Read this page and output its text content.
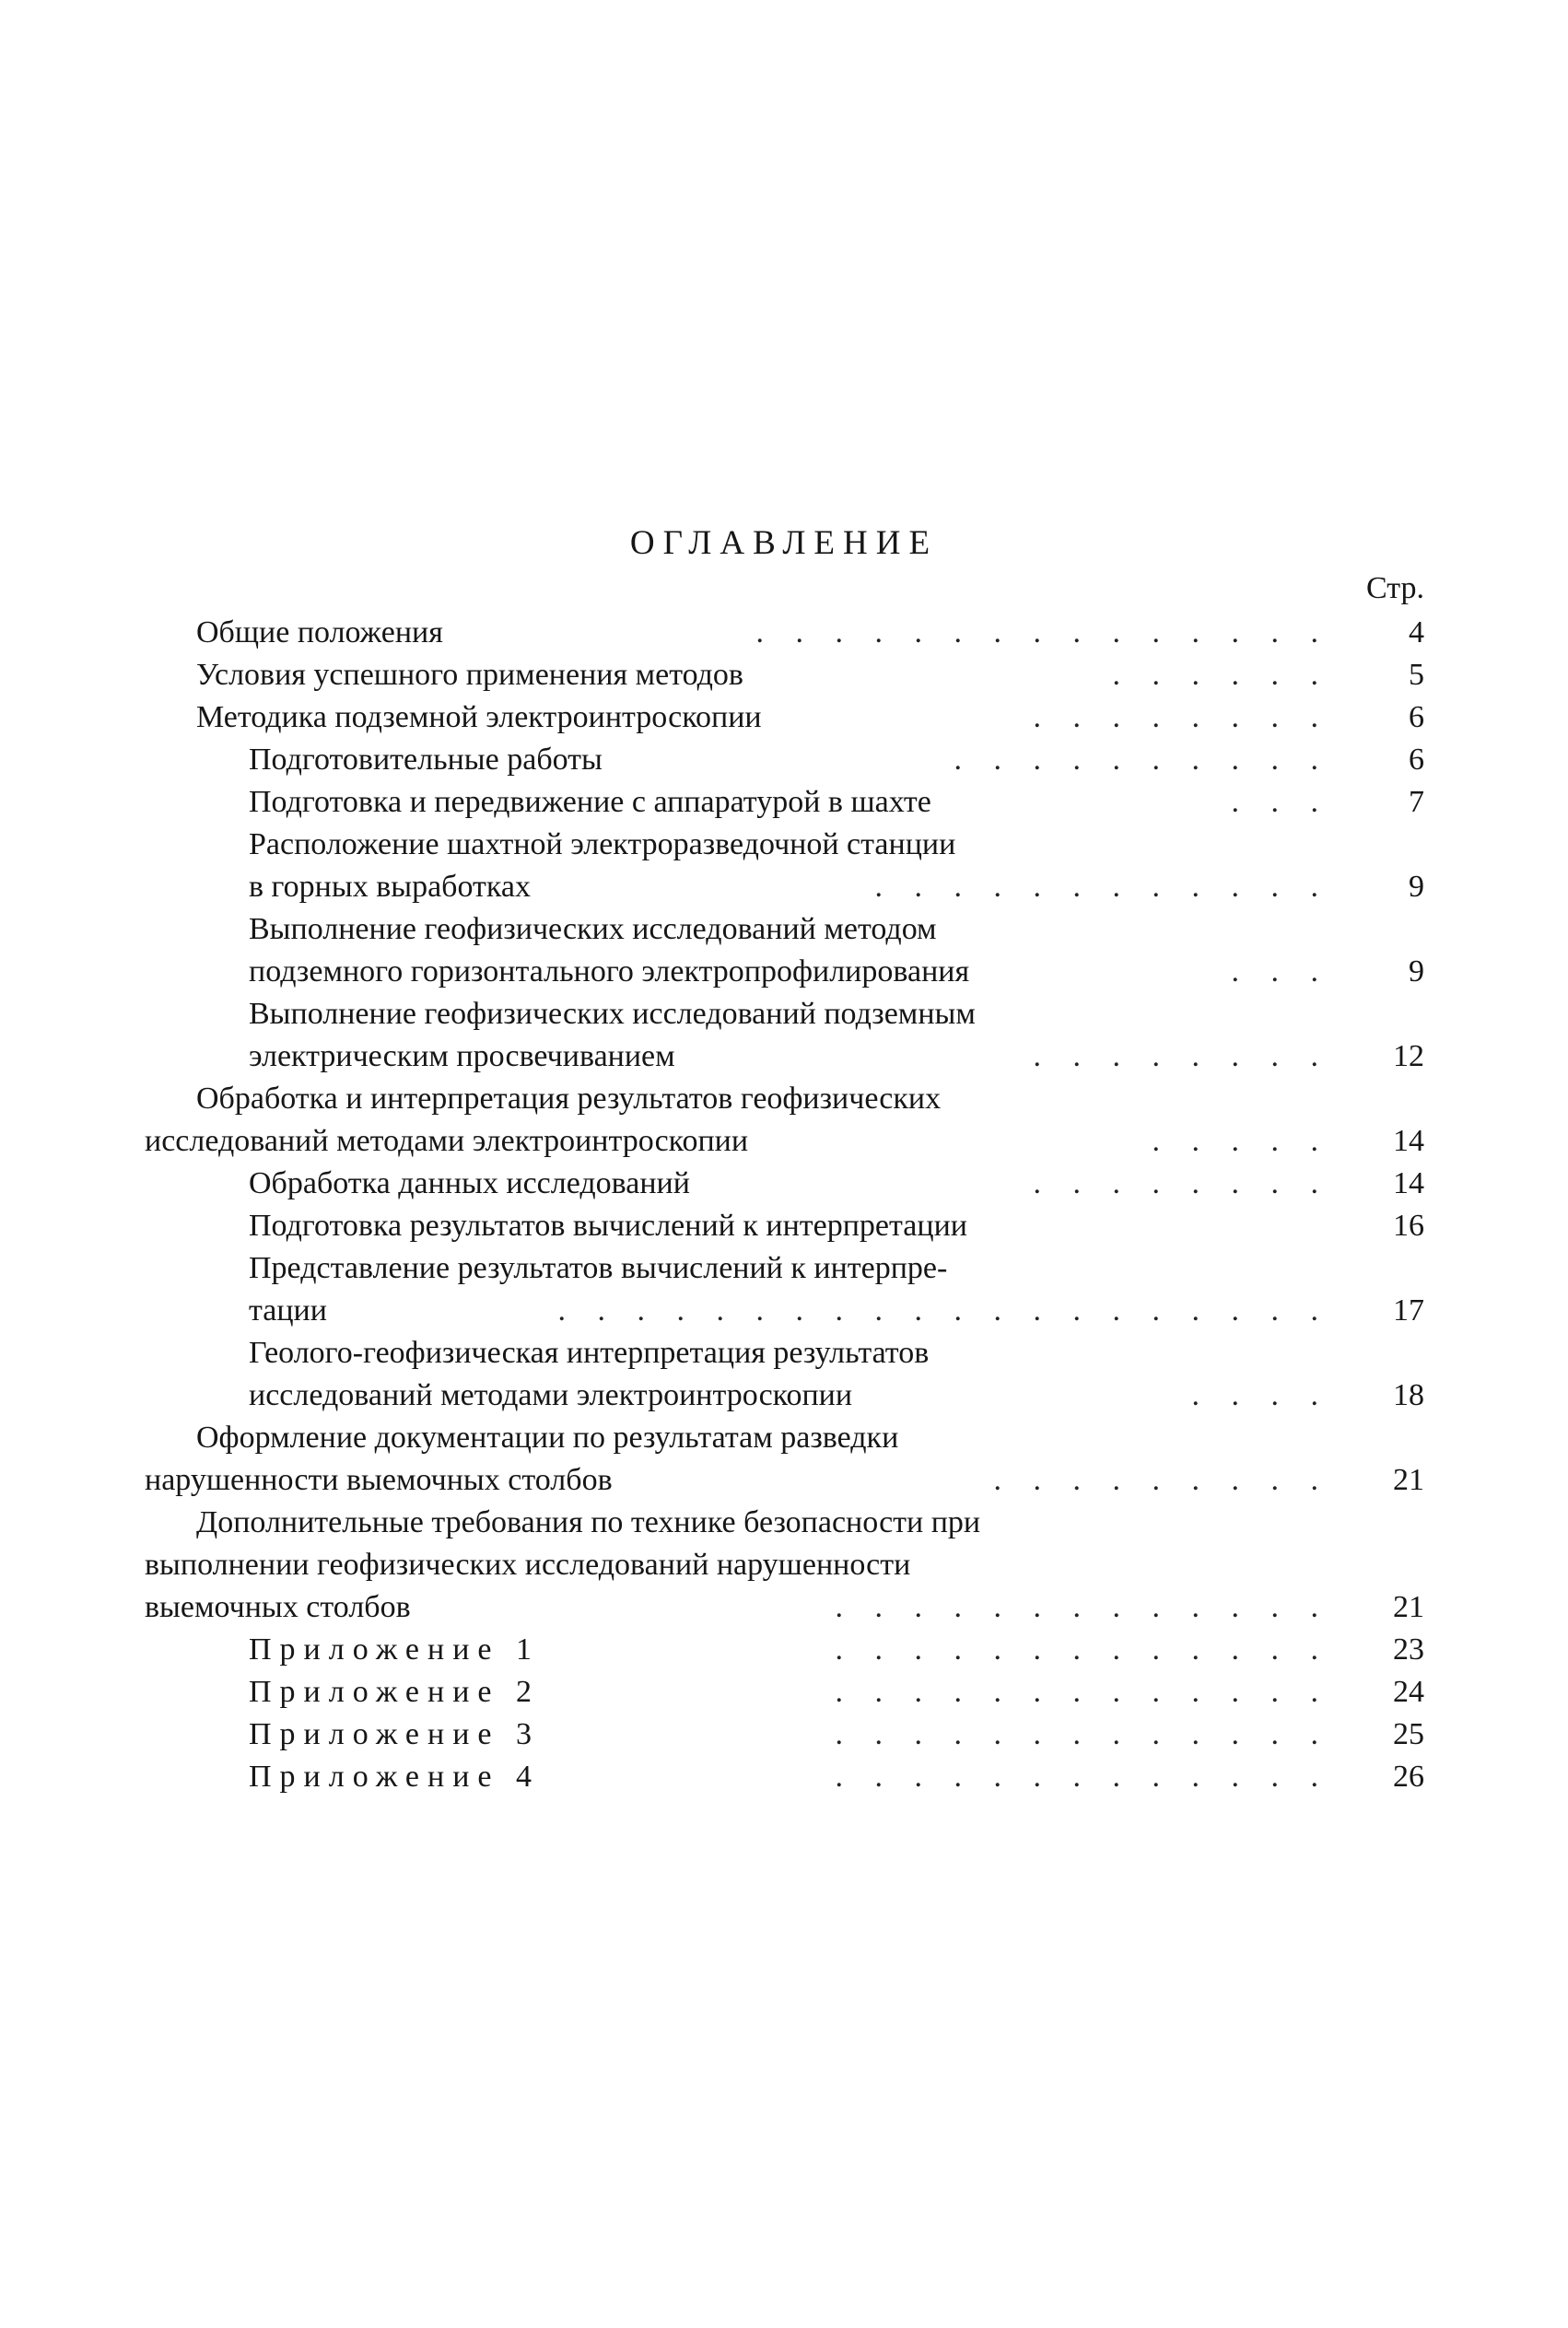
ОГЛАВЛЕНИЕ
Стр.
Общие положения	. . . . . . . . . . . . . . .	4
Условия успешного применения методов	. . . . . .	5
Методика подземной электроинтроскопии	. . . . . . . .	6
Подготовительные работы	. . . . . . . . . .	6
Подготовка и передвижение с аппаратурой в шахте	. . .	7
Расположение шахтной электроразведочной станции
в горных выработках	. . . . . . . . . . . .	9
Выполнение геофизических исследований методом
подземного горизонтального электропрофилирования	. . .	9
Выполнение геофизических исследований подземным
электрическим просвечиванием	. . . . . . . . 12
Обработка и интерпретация результатов геофизических
исследований методами электроинтроскопии	. . . . . 14
Обработка данных исследований	. . . . . . . . 14
Подготовка результатов вычислений к интерпретации	16
Представление результатов вычислений к интерпре-
тации	. . . . . . . . . . . . . . . . . . . . 17
Геолого-геофизическая интерпретация результатов
исследований методами электроинтроскопии	. . . . 18
Оформление документации по результатам разведки
нарушенности выемочных столбов	. . . . . . . . . 21
Дополнительные требования по технике безопасности при
выполнении геофизических исследований нарушенности
выемочных столбов	. . . . . . . . . . . . . 21
Приложение 1	. . . . . . . . . . . . . 23
Приложение 2	. . . . . . . . . . . . . 24
Приложение 3	. . . . . . . . . . . . . 25
Приложение 4	. . . . . . . . . . . . . 26
